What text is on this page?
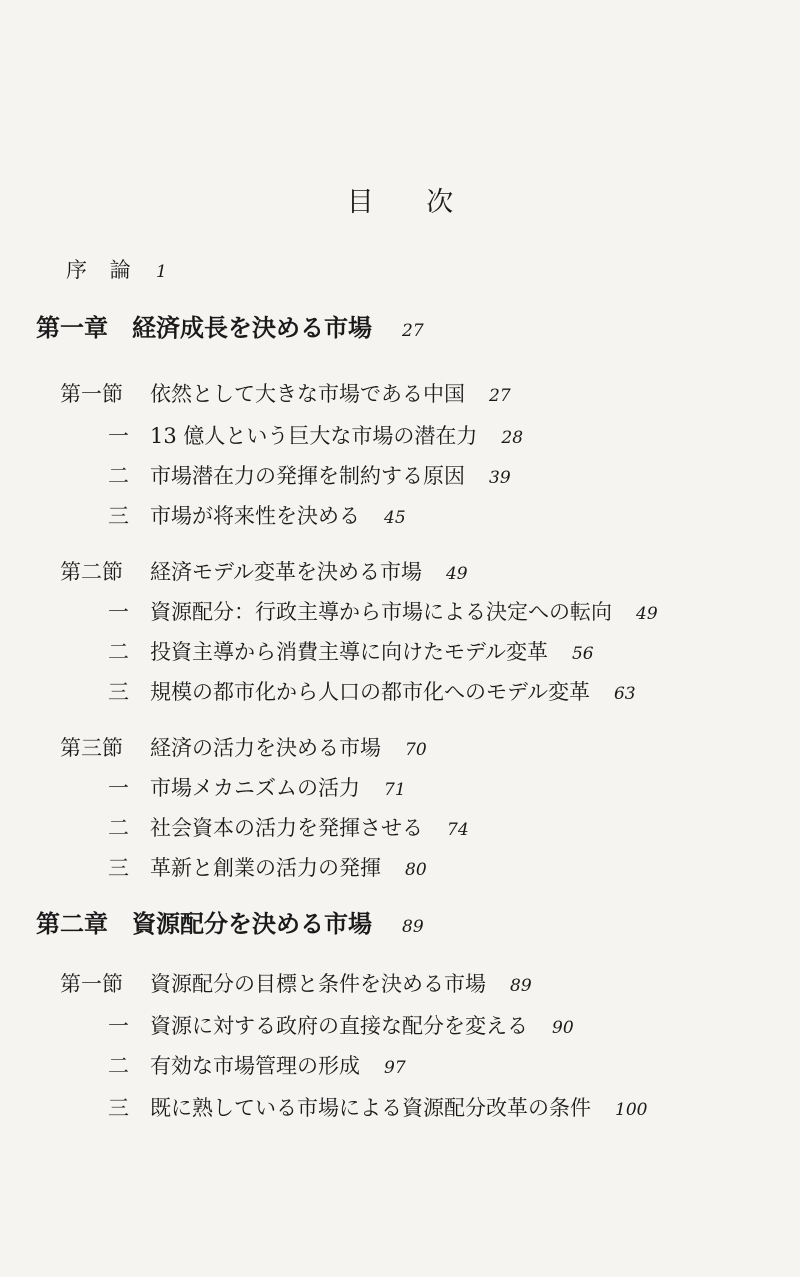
目 次
序 論 1
第一章 経済成長を決める市場 27
第一節 依然として大きな市場である中国 27
一 13 億人という巨大な市場の潜在力 28
二 市場潜在力の発揮を制約する原因 39
三 市場が将来性を決める 45
第二節 経済モデル変革を決める市場 49
一 資源配分：行政主導から市場による決定への転向 49
二 投資主導から消費主導に向けたモデル変革 56
三 規模の都市化から人口の都市化へのモデル変革 63
第三節 経済の活力を決める市場 70
一 市場メカニズムの活力 71
二 社会資本の活力を発揮させる 74
三 革新と創業の活力の発揮 80
第二章 資源配分を決める市場 89
第一節 資源配分の目標と条件を決める市場 89
一 資源に対する政府の直接な配分を変える 90
二 有効な市場管理の形成 97
三 既に熟している市場による資源配分改革の条件 100
